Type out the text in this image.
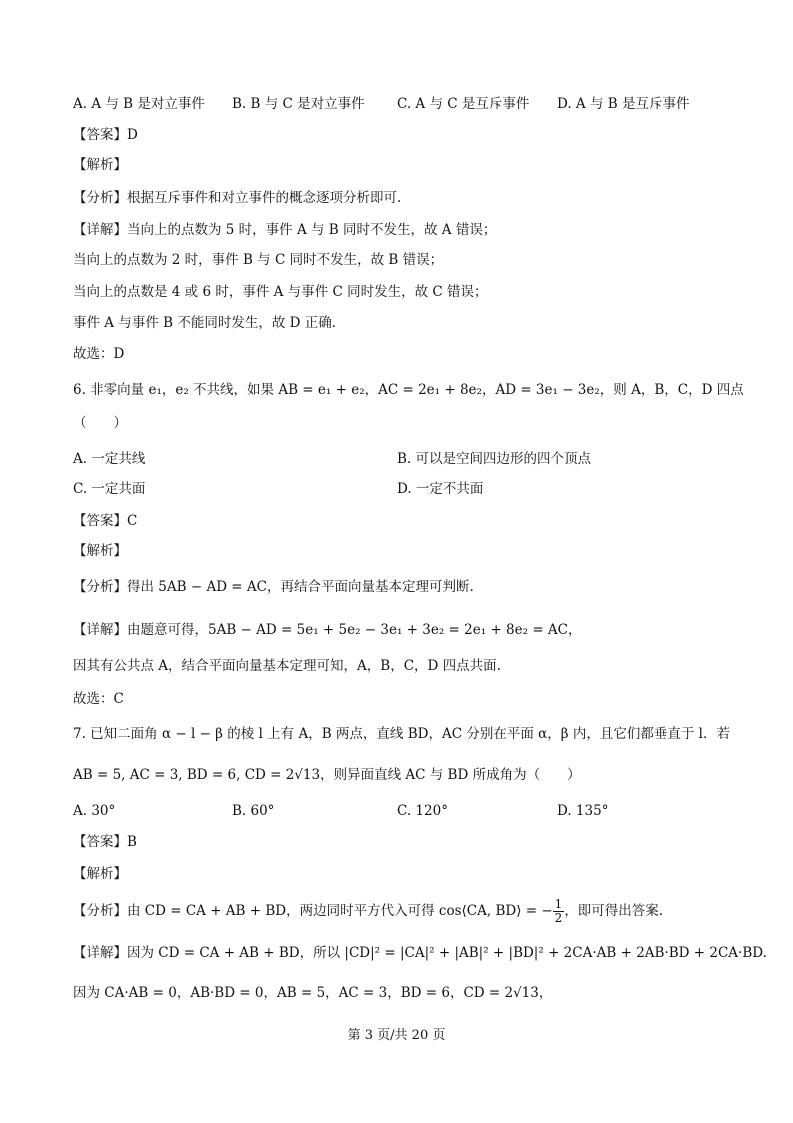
A. A 与 B 是对立事件 B. B 与 C 是对立事件 C. A 与 C 是互斥事件 D. A 与 B 是互斥事件
【答案】D
【解析】
【分析】根据互斥事件和对立事件的概念逐项分析即可.
【详解】当向上的点数为 5 时，事件 A 与 B 同时不发生，故 A 错误；
当向上的点数为 2 时，事件 B 与 C 同时不发生，故 B 错误；
当向上的点数是 4 或 6 时，事件 A 与事件 C 同时发生，故 C 错误；
事件 A 与事件 B 不能同时发生，故 D 正确.
故选：D
6. 非零向量 e₁，e₂ 不共线，如果 AB = e₁ + e₂，AC = 2e₁ + 8e₂，AD = 3e₁ − 3e₂，则 A，B，C，D 四点
（　　）
A. 一定共线	B. 可以是空间四边形的四个顶点
C. 一定共面	D. 一定不共面
【答案】C
【解析】
【分析】得出 5AB − AD = AC，再结合平面向量基本定理可判断.
【详解】由题意可得，5AB − AD = 5e₁ + 5e₂ − 3e₁ + 3e₂ = 2e₁ + 8e₂ = AC，
因其有公共点 A，结合平面向量基本定理可知，A，B，C，D 四点共面.
故选：C
7. 已知二面角 α − l − β 的棱 l 上有 A，B 两点，直线 BD，AC 分别在平面 α，β 内，且它们都垂直于 l．若
AB = 5, AC = 3, BD = 6, CD = 2√13，则异面直线 AC 与 BD 所成角为（　　）
A. 30°	B. 60°	C. 120°	D. 135°
【答案】B
【解析】
【分析】由 CD = CA + AB + BD，两边同时平方代入可得 cos⟨CA, BD⟩ = − $\frac{1}{2}$ ，即可得出答案.
【详解】因为 CD = CA + AB + BD，所以 |CD|² = |CA|² + |AB|² + |BD|² + 2CA·AB + 2AB·BD + 2CA·BD.
因为 CA·AB = 0，AB·BD = 0，AB = 5，AC = 3，BD = 6，CD = 2√13，
第 3 页/共 20 页
